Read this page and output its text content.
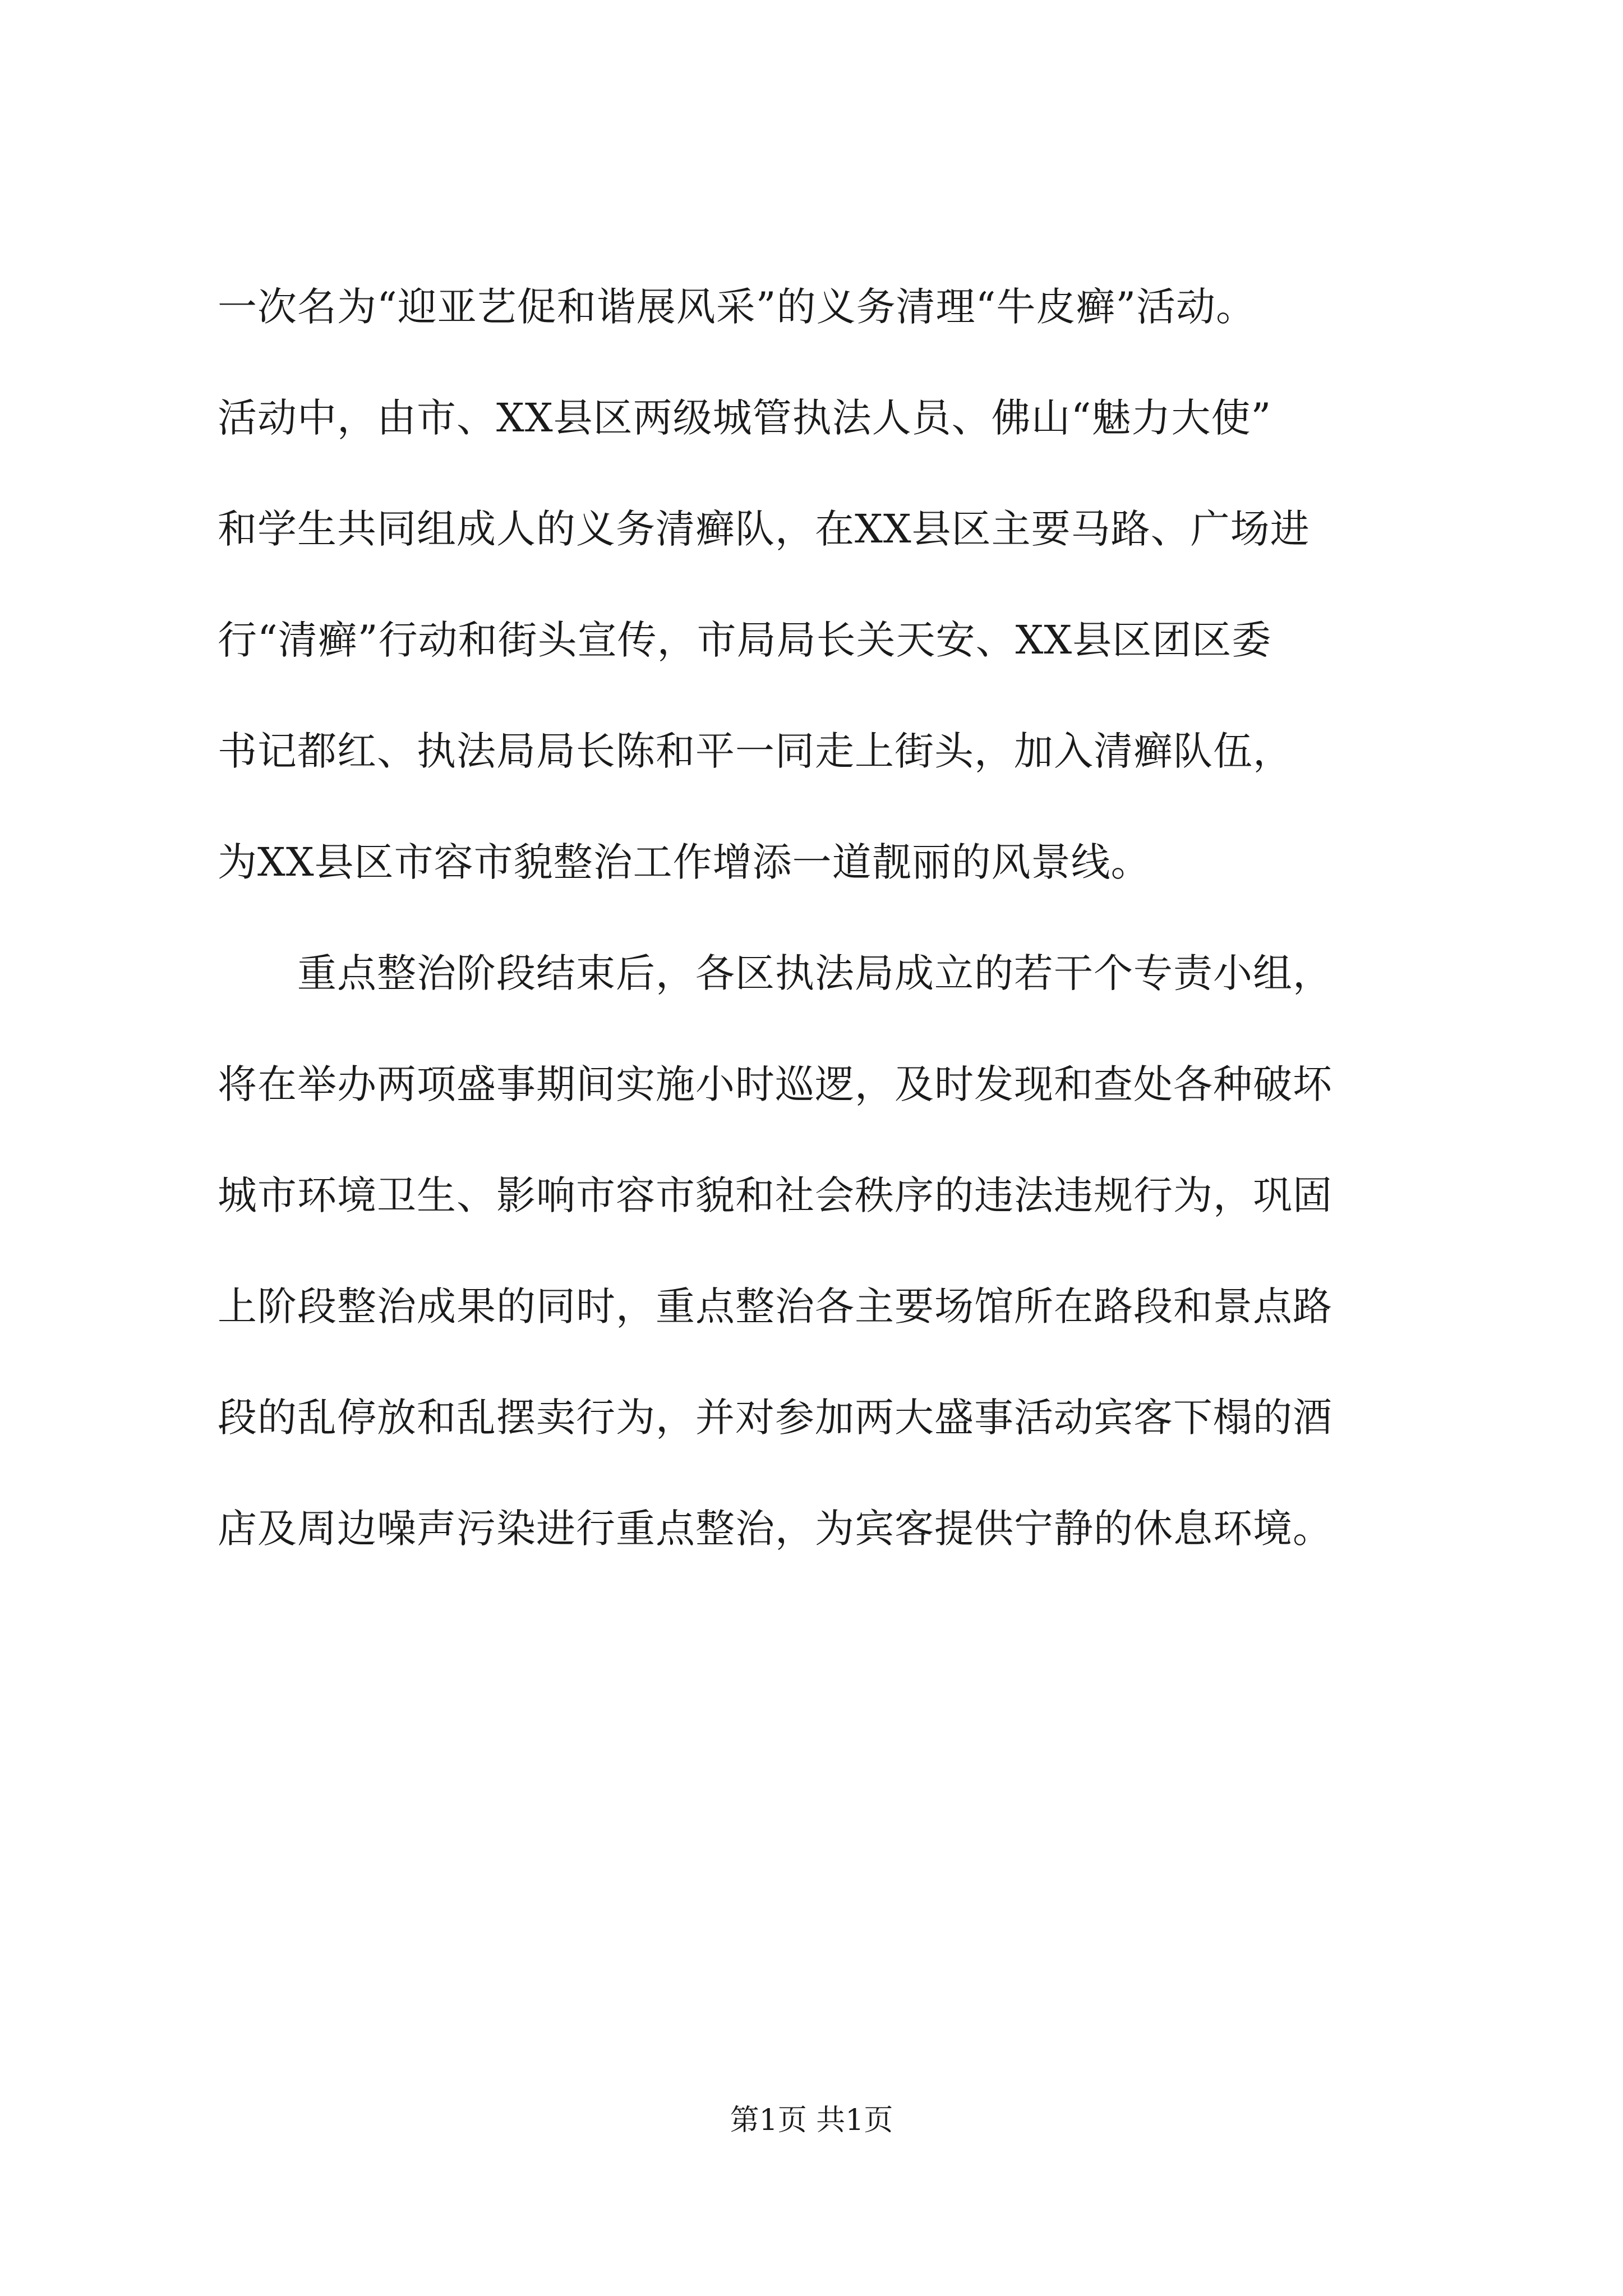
一次名为“迎亚艺促和谐展风采”的义务清理“牛皮癣”活动。
活动中，由市、XX县区两级城管执法人员、佛山“魅力大使”
和学生共同组成人的义务清癣队，在XX县区主要马路、广场进
行“清癣”行动和街头宣传，市局局长关天安、XX县区团区委
书记都红、执法局局长陈和平一同走上街头，加入清癣队伍，
为XX县区市容市貌整治工作增添一道靓丽的风景线。
　　重点整治阶段结束后，各区执法局成立的若干个专责小组，
将在举办两项盛事期间实施小时巡逻，及时发现和查处各种破坏
城市环境卫生、影响市容市貌和社会秩序的违法违规行为，巩固
上阶段整治成果的同时，重点整治各主要场馆所在路段和景点路
段的乱停放和乱摆卖行为，并对参加两大盛事活动宾客下榻的酒
店及周边噪声污染进行重点整治，为宾客提供宁静的休息环境。
第1页 共1页
